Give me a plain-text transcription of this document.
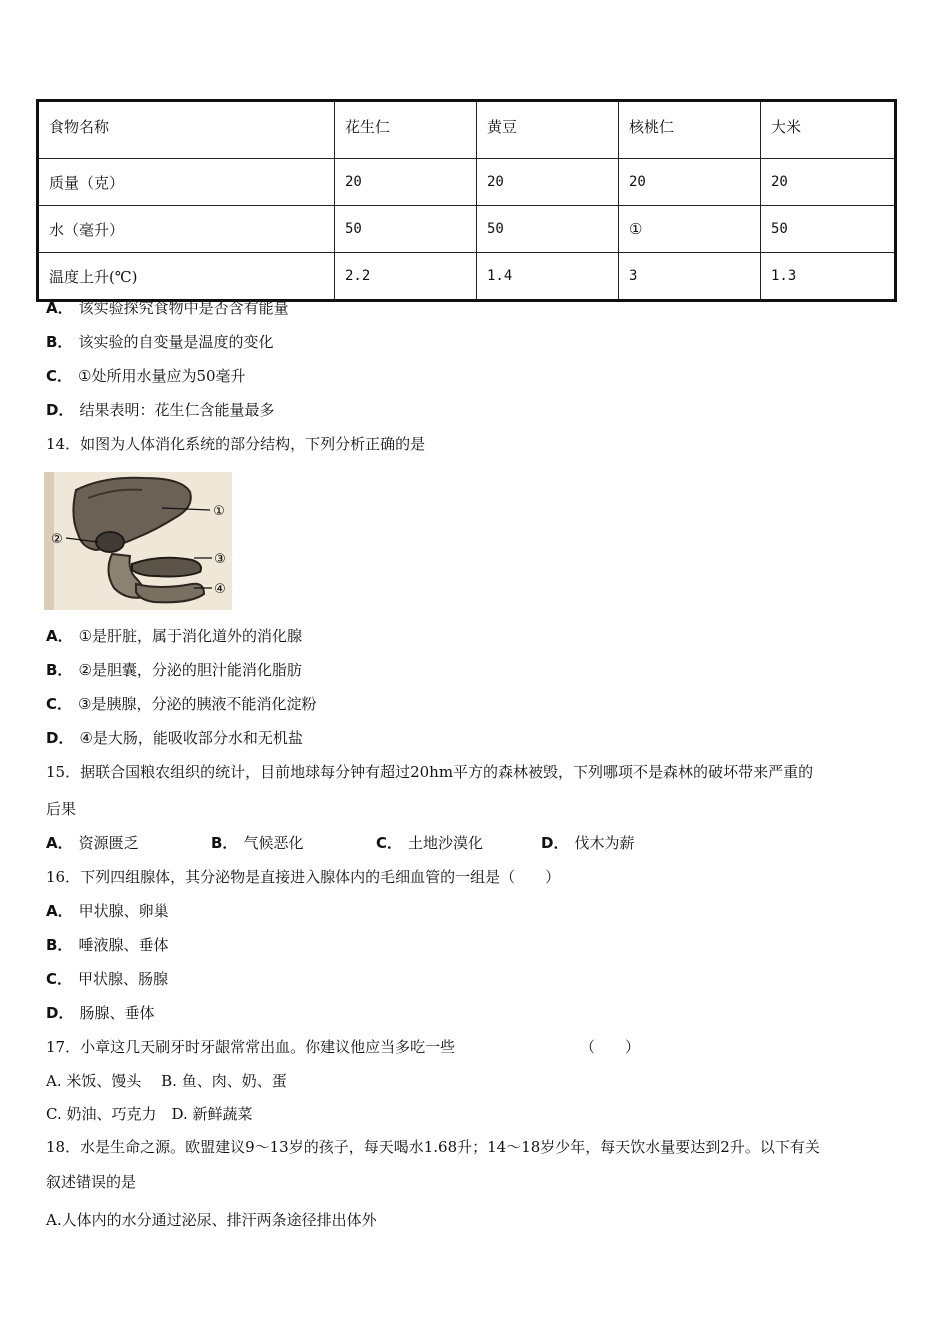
食物名称	花生仁	黄豆	核桃仁	大米
质量（克）	20	20	20	20
水（毫升）	50	50	①	50
温度上升(℃)	2.2	1.4	3	1.3
A． 该实验探究食物中是否含有能量
B． 该实验的自变量是温度的变化
C． ①处所用水量应为50毫升
D． 结果表明：花生仁含能量最多
14．如图为人体消化系统的部分结构，下列分析正确的是
①
②
③
④
A． ①是肝脏，属于消化道外的消化腺
B． ②是胆囊，分泌的胆汁能消化脂肪
C． ③是胰腺，分泌的胰液不能消化淀粉
D． ④是大肠，能吸收部分水和无机盐
15．据联合国粮农组织的统计，目前地球每分钟有超过20hm平方的森林被毁，下列哪项不是森林的破坏带来严重的
后果
A． 资源匮乏	B． 气候恶化	C． 土地沙漠化	D． 伐木为薪
16．下列四组腺体，其分泌物是直接进入腺体内的毛细血管的一组是（　　）
A． 甲状腺、卵巢
B． 唾液腺、垂体
C． 甲状腺、肠腺
D． 肠腺、垂体
17．小章这几天刷牙时牙龈常常出血。你建议他应当多吃一些	（　　）
A. 米饭、馒头　 B. 鱼、肉、奶、蛋
C. 奶油、巧克力　D. 新鲜蔬菜
18．水是生命之源。欧盟建议9～13岁的孩子，每天喝水1.68升；14～18岁少年，每天饮水量要达到2升。以下有关
叙述错误的是
A.人体内的水分通过泌尿、排汗两条途径排出体外
